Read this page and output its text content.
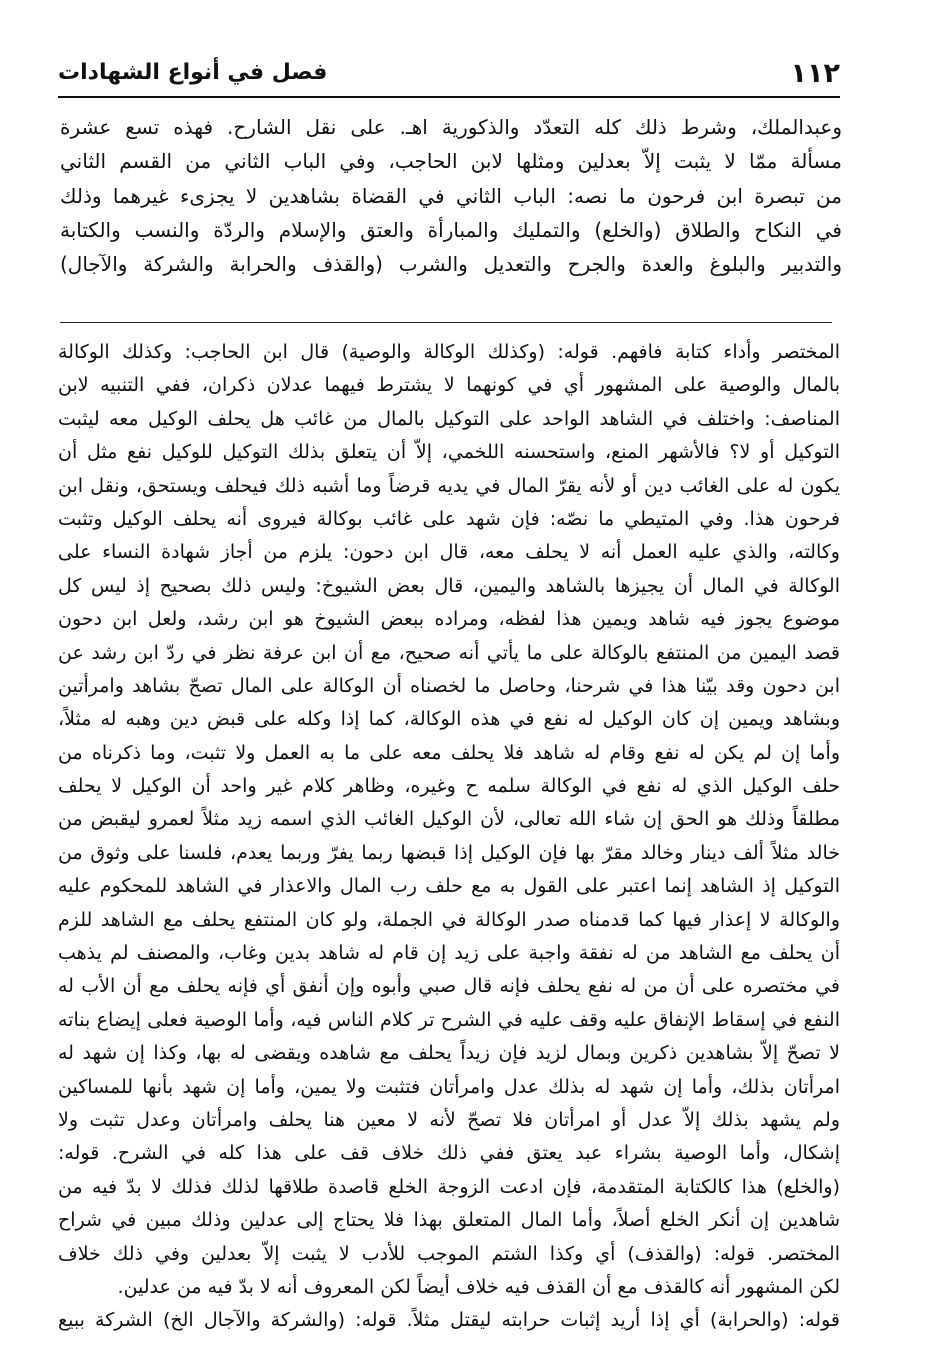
١١٢
فصل في أنواع الشهادات
وعبدالملك، وشرط ذلك كله التعدّد والذكورية اهـ. على نقل الشارح. فهذه تسع عشرة
مسألة ممّا لا يثبت إلاّ بعدلين ومثلها لابن الحاجب، وفي الباب الثاني من القسم الثاني
من تبصرة ابن فرحون ما نصه: الباب الثاني في القضاة بشاهدين لا يجزىء غيرهما وذلك
في النكاح والطلاق (والخلع) والتمليك والمبارأة والعتق والإسلام والردّة والنسب والكتابة
والتدبير والبلوغ والعدة والجرح والتعديل والشرب (والقذف والحرابة والشركة والآجال)
المختصر وأداء كتابة فافهم. قوله: (وكذلك الوكالة والوصية) قال ابن الحاجب: وكذلك الوكالة
بالمال والوصية على المشهور أي في كونهما لا يشترط فيهما عدلان ذكران، ففي التنبيه لابن
المناصف: واختلف في الشاهد الواحد على التوكيل بالمال من غائب هل يحلف الوكيل معه ليثبت
التوكيل أو لا؟ فالأشهر المنع، واستحسنه اللخمي، إلاّ أن يتعلق بذلك التوكيل للوكيل نفع مثل أن
يكون له على الغائب دين أو لأنه يقرّ المال في يديه قرضاً وما أشبه ذلك فيحلف ويستحق، ونقل ابن
فرحون هذا. وفي المتيطي ما نصّه: فإن شهد على غائب بوكالة فيروى أنه يحلف الوكيل وتثبت
وكالته، والذي عليه العمل أنه لا يحلف معه، قال ابن دحون: يلزم من أجاز شهادة النساء على
الوكالة في المال أن يجيزها بالشاهد واليمين، قال بعض الشيوخ: وليس ذلك بصحيح إذ ليس كل
موضوع يجوز فيه شاهد ويمين هذا لفظه، ومراده ببعض الشيوخ هو ابن رشد، ولعل ابن دحون
قصد اليمين من المنتفع بالوكالة على ما يأتي أنه صحيح، مع أن ابن عرفة نظر في ردّ ابن رشد عن
ابن دحون وقد بيّنا هذا في شرحنا، وحاصل ما لخصناه أن الوكالة على المال تصحّ بشاهد وامرأتين
وبشاهد ويمين إن كان الوكيل له نفع في هذه الوكالة، كما إذا وكله على قبض دين وهبه له مثلاً،
وأما إن لم يكن له نفع وقام له شاهد فلا يحلف معه على ما به العمل ولا تثبت، وما ذكرناه من
حلف الوكيل الذي له نفع في الوكالة سلمه ح وغيره، وظاهر كلام غير واحد أن الوكيل لا يحلف
مطلقاً وذلك هو الحق إن شاء الله تعالى، لأن الوكيل الغائب الذي اسمه زيد مثلاً لعمرو ليقبض من
خالد مثلاً ألف دينار وخالد مقرّ بها فإن الوكيل إذا قبضها ربما يفرّ وربما يعدم، فلسنا على وثوق من
التوكيل إذ الشاهد إنما اعتبر على القول به مع حلف رب المال والاعذار في الشاهد للمحكوم عليه
والوكالة لا إعذار فيها كما قدمناه صدر الوكالة في الجملة، ولو كان المنتفع يحلف مع الشاهد للزم
أن يحلف مع الشاهد من له نفقة واجبة على زيد إن قام له شاهد بدين وغاب، والمصنف لم يذهب
في مختصره على أن من له نفع يحلف فإنه قال صبي وأبوه وإن أنفق أي فإنه يحلف مع أن الأب له
النفع في إسقاط الإنفاق عليه وقف عليه في الشرح تر كلام الناس فيه، وأما الوصية فعلى إيضاع بناته
لا تصحّ إلاّ بشاهدين ذكرين وبمال لزيد فإن زيداً يحلف مع شاهده ويقضى له بها، وكذا إن شهد له
امرأتان بذلك، وأما إن شهد له بذلك عدل وامرأتان فتثبت ولا يمين، وأما إن شهد بأنها للمساكين
ولم يشهد بذلك إلاّ عدل أو امرأتان فلا تصحّ لأنه لا معين هنا يحلف وامرأتان وعدل تثبت ولا
إشكال، وأما الوصية بشراء عبد يعتق ففي ذلك خلاف قف على هذا كله في الشرح. قوله:
(والخلع) هذا كالكتابة المتقدمة، فإن ادعت الزوجة الخلع قاصدة طلاقها لذلك فذلك لا بدّ فيه من
شاهدين إن أنكر الخلع أصلاً، وأما المال المتعلق بهذا فلا يحتاج إلى عدلين وذلك مبين في شراح
المختصر. قوله: (والقذف) أي وكذا الشتم الموجب للأدب لا يثبت إلاّ بعدلين وفي ذلك خلاف
لكن المشهور أنه كالقذف مع أن القذف فيه خلاف أيضاً لكن المعروف أنه لا بدّ فيه من عدلين.
قوله: (والحرابة) أي إذا أريد إثبات حرابته ليقتل مثلاً. قوله: (والشركة والآجال الخ) الشركة ببيع
